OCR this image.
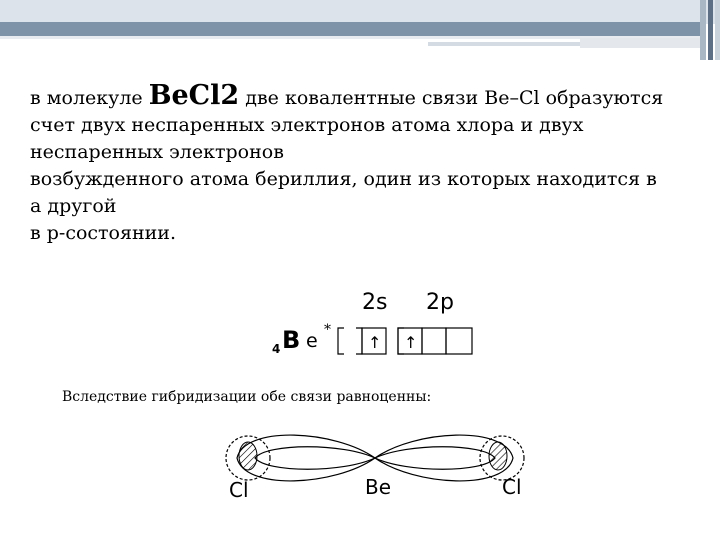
в молекуле BeCl2 две ковалентные связи Be–Cl образуются
счет двух неспаренных электронов атома хлора и двух
неспаренных электронов
возбужденного атома бериллия, один из которых находится в
а другой
в p-состоянии.
2s 2p
4 B e *
↑ ↑
Вследствие гибридизации обе связи равноценны:
Cl	Be	Cl
